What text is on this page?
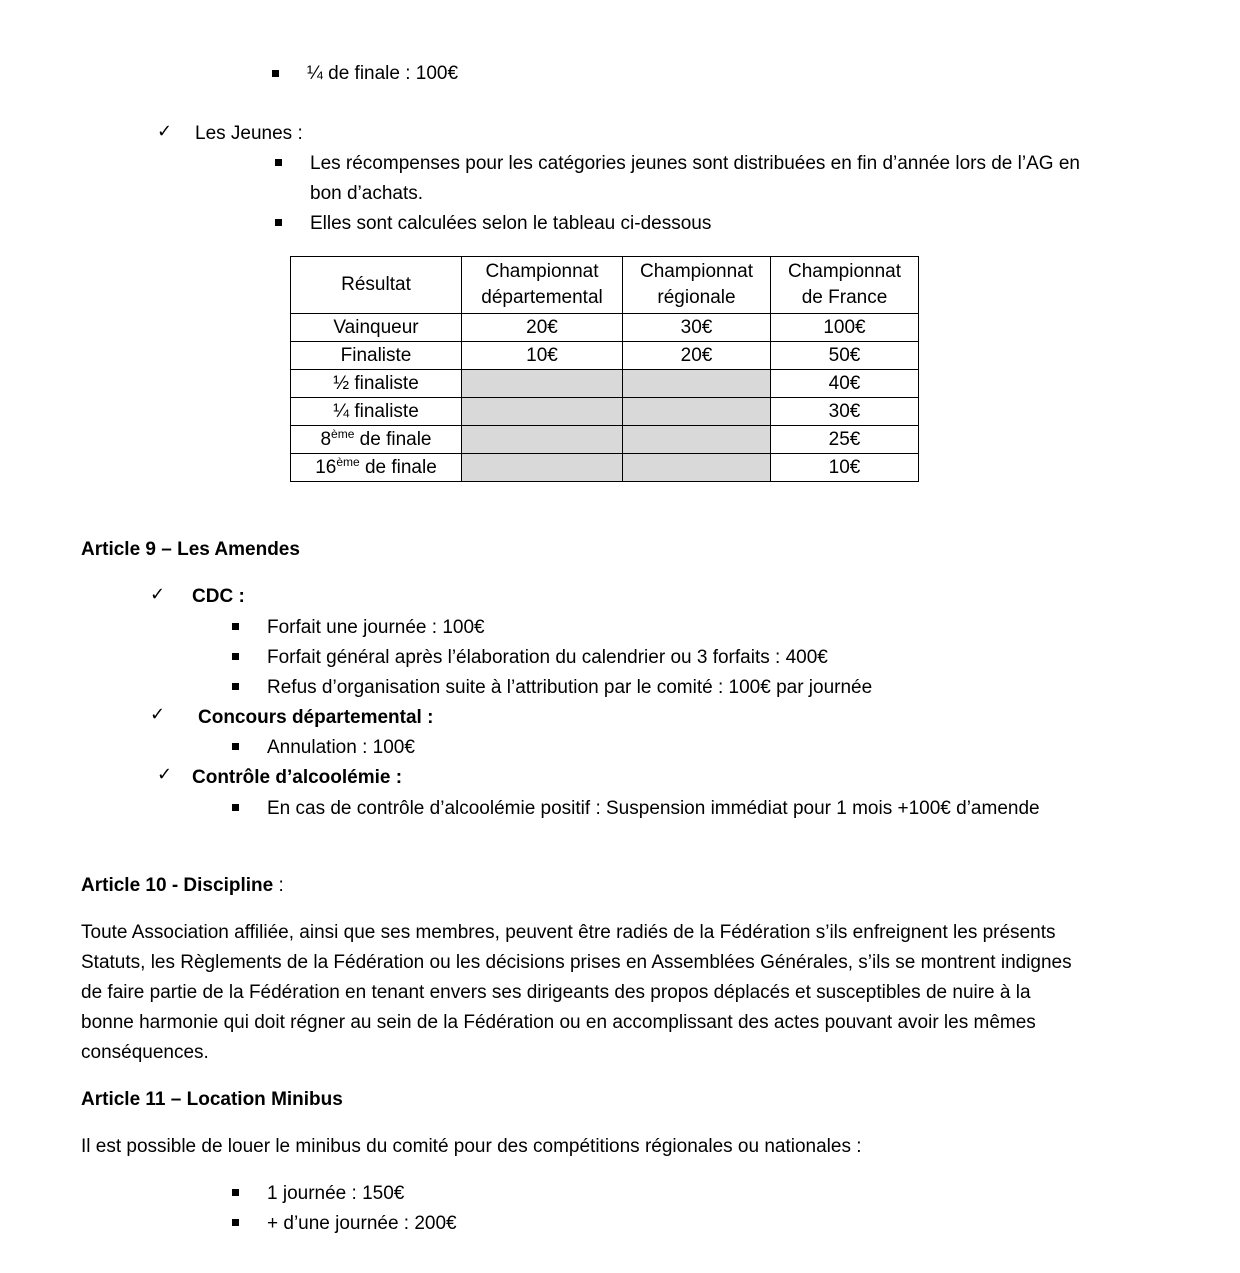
¼ de finale : 100€
✓ Les Jeunes :
Les récompenses pour les catégories jeunes sont distribuées en fin d’année lors de l’AG en
bon d’achats.
Elles sont calculées selon le tableau ci-dessous
Résultat	Championnat départemental	Championnat régionale	Championnat de France
Vainqueur	20€	30€	100€
Finaliste	10€	20€	50€
½ finaliste			40€
¼ finaliste			30€
8ème de finale			25€
16ème de finale			10€
Article 9 – Les Amendes
✓ CDC :
Forfait une journée : 100€
Forfait général après l’élaboration du calendrier ou 3 forfaits : 400€
Refus d’organisation suite à l’attribution par le comité : 100€ par journée
✓ Concours départemental :
Annulation : 100€
✓ Contrôle d’alcoolémie :
En cas de contrôle d’alcoolémie positif : Suspension immédiat pour 1 mois +100€ d’amende
Article 10 - Discipline :
Toute Association affiliée, ainsi que ses membres, peuvent être radiés de la Fédération s’ils enfreignent les présents
Statuts, les Règlements de la Fédération ou les décisions prises en Assemblées Générales, s’ils se montrent indignes
de faire partie de la Fédération en tenant envers ses dirigeants des propos déplacés et susceptibles de nuire à la
bonne harmonie qui doit régner au sein de la Fédération ou en accomplissant des actes pouvant avoir les mêmes
conséquences.
Article 11 – Location Minibus
Il est possible de louer le minibus du comité pour des compétitions régionales ou nationales :
1 journée : 150€
+ d’une journée : 200€
